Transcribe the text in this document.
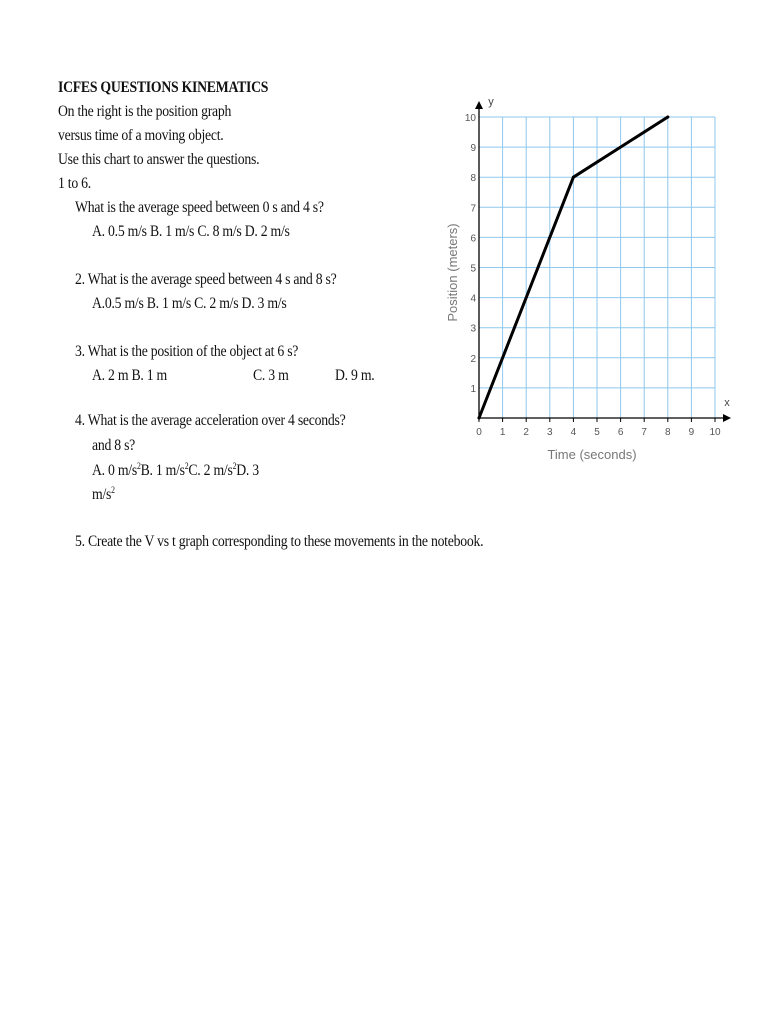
ICFES QUESTIONS KINEMATICS
On the right is the position graph
versus time of a moving object.
Use this chart to answer the questions.
1 to 6.
What is the average speed between 0 s and 4 s?
A. 0.5 m/s B. 1 m/s C. 8 m/s D. 2 m/s
2. What is the average speed between 4 s and 8 s?
A.0.5 m/s B. 1 m/s C. 2 m/s D. 3 m/s
3. What is the position of the object at 6 s?
A. 2 m B. 1 m	C. 3 m	D. 9 m.
4. What is the average acceleration over 4 seconds?
and 8 s?
A. 0 $m/s^2B$. 1 $m/s^2C$. 2 $m/s^2D$. 3
$m/s^2$
5. Create the V vs t graph corresponding to these movements in the notebook.
0 1 2 3 4 5 6 7 8 9 10
1
2
3
4
5
6
7
8
9
10
x
y
Time (seconds)
Position (meters)
